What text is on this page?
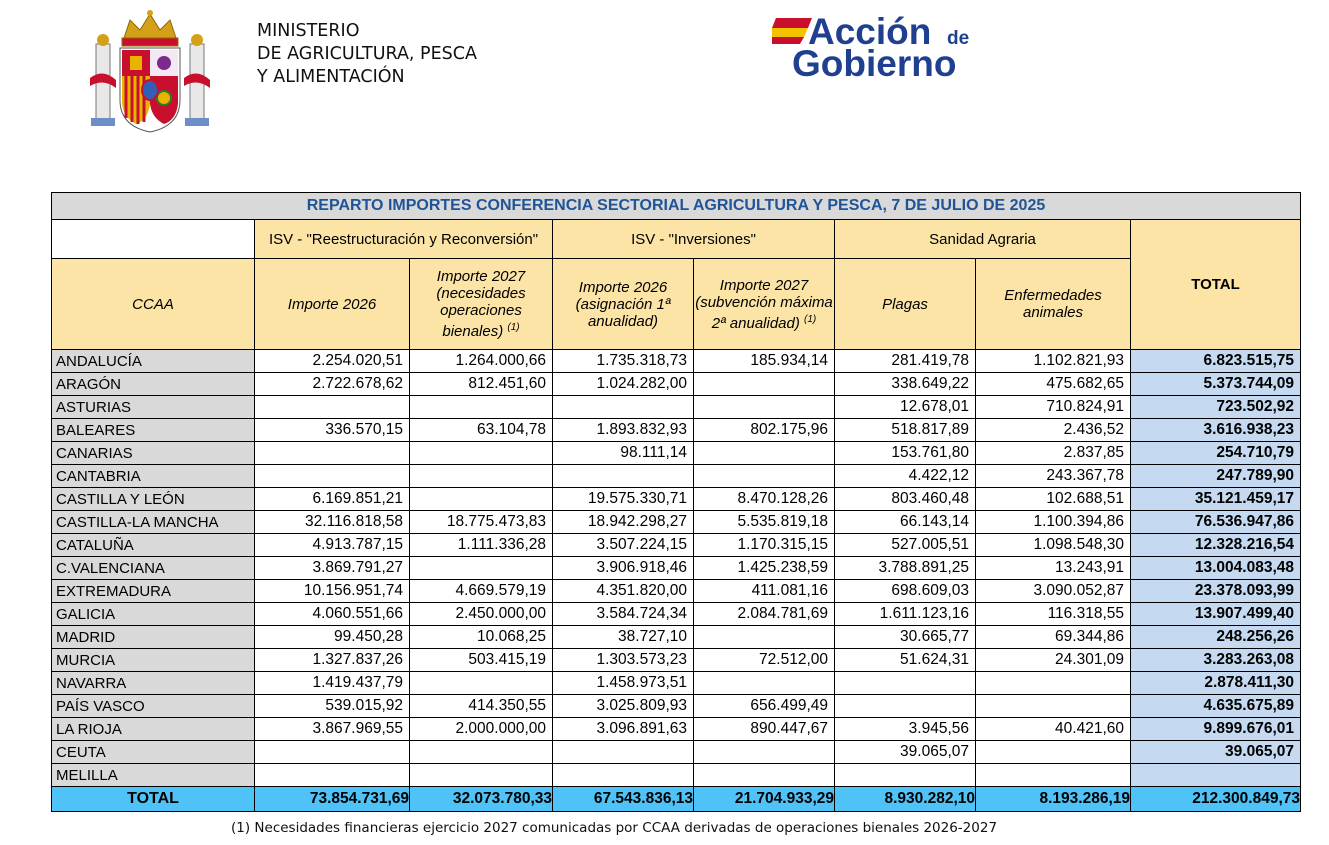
MINISTERIO
DE AGRICULTURA, PESCA
Y ALIMENTACIÓN
Acción de
Gobierno
REPARTO IMPORTES CONFERENCIA SECTORIAL AGRICULTURA Y PESCA, 7 DE JULIO DE 2025							
	ISV - "Reestructuración y Reconversión"		ISV - "Inversiones"		Sanidad Agraria		TOTAL
CCAA	Importe 2026	Importe 2027 (necesidades operaciones bienales) $^{(1)}$	Importe 2026 (asignación 1ª anualidad)	Importe 2027 (subvención máxima 2ª anualidad) $^{(1)}$	Plagas	Enfermedades animales	
ANDALUCÍA	2.254.020,51	1.264.000,66	1.735.318,73	185.934,14	281.419,78	1.102.821,93	6.823.515,75
ARAGÓN	2.722.678,62	812.451,60	1.024.282,00		338.649,22	475.682,65	5.373.744,09
ASTURIAS					12.678,01	710.824,91	723.502,92
BALEARES	336.570,15	63.104,78	1.893.832,93	802.175,96	518.817,89	2.436,52	3.616.938,23
CANARIAS			98.111,14		153.761,80	2.837,85	254.710,79
CANTABRIA					4.422,12	243.367,78	247.789,90
CASTILLA Y LEÓN	6.169.851,21		19.575.330,71	8.470.128,26	803.460,48	102.688,51	35.121.459,17
CASTILLA-LA MANCHA	32.116.818,58	18.775.473,83	18.942.298,27	5.535.819,18	66.143,14	1.100.394,86	76.536.947,86
CATALUÑA	4.913.787,15	1.111.336,28	3.507.224,15	1.170.315,15	527.005,51	1.098.548,30	12.328.216,54
C.VALENCIANA	3.869.791,27		3.906.918,46	1.425.238,59	3.788.891,25	13.243,91	13.004.083,48
EXTREMADURA	10.156.951,74	4.669.579,19	4.351.820,00	411.081,16	698.609,03	3.090.052,87	23.378.093,99
GALICIA	4.060.551,66	2.450.000,00	3.584.724,34	2.084.781,69	1.611.123,16	116.318,55	13.907.499,40
MADRID	99.450,28	10.068,25	38.727,10		30.665,77	69.344,86	248.256,26
MURCIA	1.327.837,26	503.415,19	1.303.573,23	72.512,00	51.624,31	24.301,09	3.283.263,08
NAVARRA	1.419.437,79		1.458.973,51				2.878.411,30
PAÍS VASCO	539.015,92	414.350,55	3.025.809,93	656.499,49			4.635.675,89
LA RIOJA	3.867.969,55	2.000.000,00	3.096.891,63	890.447,67	3.945,56	40.421,60	9.899.676,01
CEUTA					39.065,07		39.065,07
MELILLA							
TOTAL	73.854.731,69	32.073.780,33	67.543.836,13	21.704.933,29	8.930.282,10	8.193.286,19	212.300.849,73
(1) Necesidades financieras ejercicio 2027 comunicadas por CCAA derivadas de operaciones bienales 2026-2027
